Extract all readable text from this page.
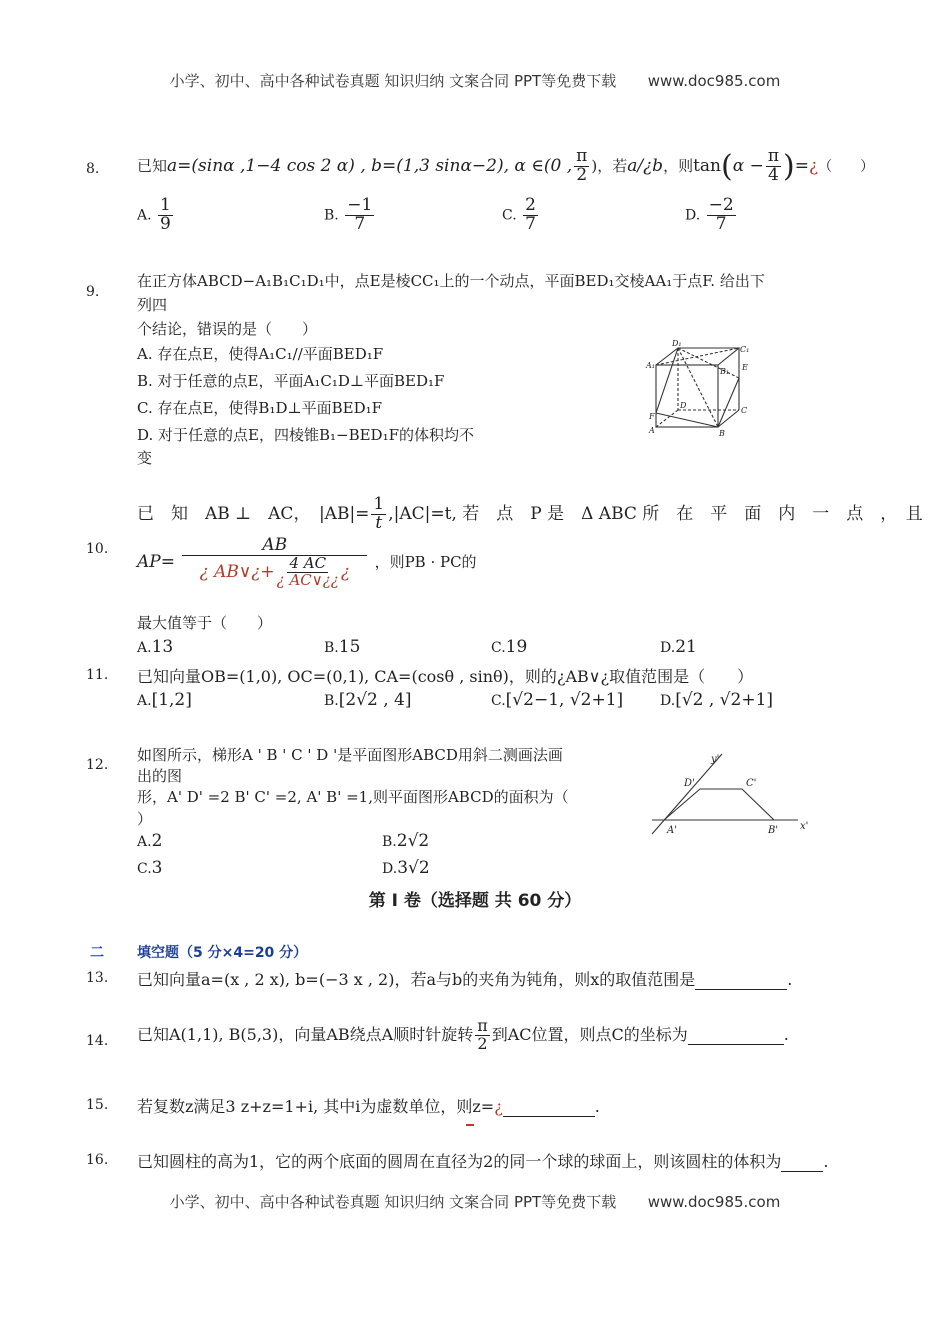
小学、初中、高中各种试卷真题 知识归纳 文案合同 PPT等免费下载 www.doc985.com
8.	已知a=(sinα ,1−4 cos 2 α) , b=(1,3 sinα−2), α ∈(0 , $\frac{\pi}{2}$ )，若a/¿b，则$\tan(\alpha - \frac{\pi}{4}$ )=¿（　　）
A. $\frac{1}{9}$	B. $\frac{-1}{7}$	C. $\frac{2}{7}$	D. $\frac{-2}{7}$
9.
在正方体ABCD−A₁B₁C₁D₁中，点E是棱CC₁上的一个动点，平面BED₁交棱AA₁于点F. 给出下
列四
个结论，错误的是（　　）
A. 存在点E，使得A₁C₁//平面BED₁F
B. 对于任意的点E，平面A₁C₁D⊥平面BED₁F
C. 存在点E，使得B₁D⊥平面BED₁F
D. 对于任意的点E，四棱锥B₁−BED₁F的体积均不
变
D₁
C₁
A₁
B₁ E
D
C
F
A	B
10.
已　知　AB ⊥　AC，　$|AB|= \frac{1}{t} ,|AC|=t$, 若　点　P 是　Δ ABC 所　在　平　面　内　一　点　，　且
$AP= \frac{AB}{¿ AB\vee¿+ \frac{4 AC}{¿ AC\vee¿¿} ¿}$ ，则PB · PC的
最大值等于（　　）
A.13	B.15	C.19	D.21
11. 已知向量OB=(1,0), OC=(0,1), CA=(cosθ , sinθ)，则的¿AB∨¿取值范围是（　　）
A.[1,2]	B.[2√2 , 4]	C.[√2−1, √2+1]	D.[√2 , √2+1]
12.
如图所示，梯形A ' B ' C ' D '是平面图形ABCD用斜二测画法画
出的图
形，A' D' =2 B' C' =2, A' B' =1,则平面图形ABCD的面积为（
）
A.2	B.2√2
C.3	D.3√2
y'
D'	C'
A'	B' x'
第 I 卷（选择题 共 60 分）
二 填空题（5 分×4=20 分）
13. 已知向量a=(x , 2 x), b=(−3 x , 2)，若a与b的夹角为钝角，则x的取值范围是	.
14. 已知A(1,1), B(5,3)，向量AB绕点A顺时针旋转 $\frac{\pi}{2}$ 到AC位置，则点C的坐标为	.
15. 若复数z满足3 z+z=1+i, 其中i为虚数单位，则z=¿	.
16. 已知圆柱的高为1，它的两个底面的圆周在直径为2的同一个球的球面上，则该圆柱的体积为	.
小学、初中、高中各种试卷真题 知识归纳 文案合同 PPT等免费下载 www.doc985.com
